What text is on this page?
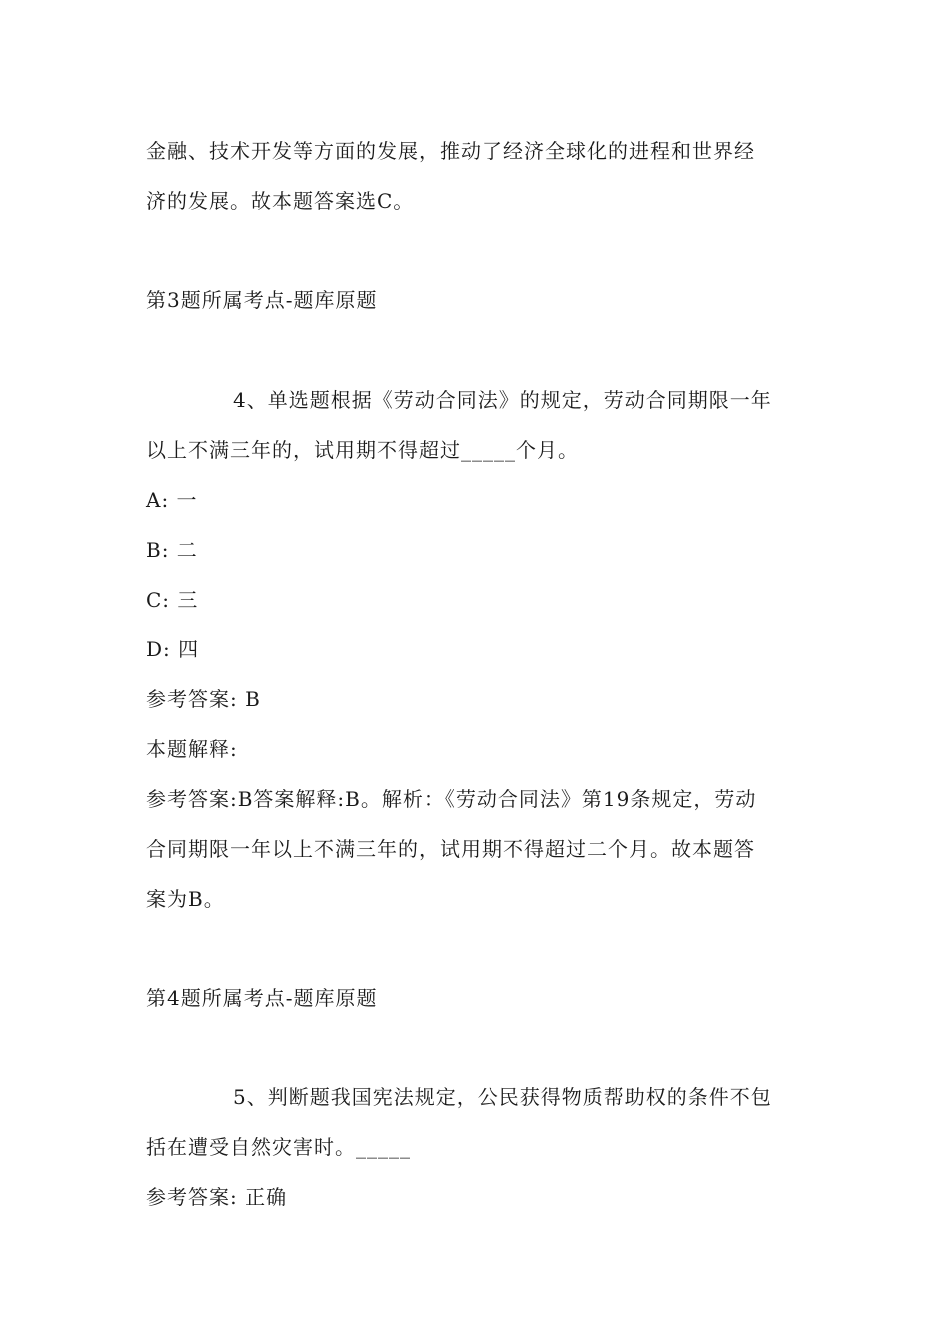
金融、技术开发等方面的发展，推动了经济全球化的进程和世界经
济的发展。故本题答案选C。
第3题所属考点-题库原题
4、单选题根据《劳动合同法》的规定，劳动合同期限一年
以上不满三年的，试用期不得超过_____个月。
A: 一
B: 二
C: 三
D: 四
参考答案: B
本题解释:
参考答案:B答案解释:B。解析：《劳动合同法》第19条规定，劳动
合同期限一年以上不满三年的，试用期不得超过二个月。故本题答
案为B。
第4题所属考点-题库原题
5、判断题我国宪法规定，公民获得物质帮助权的条件不包
括在遭受自然灾害时。_____
参考答案: 正确
